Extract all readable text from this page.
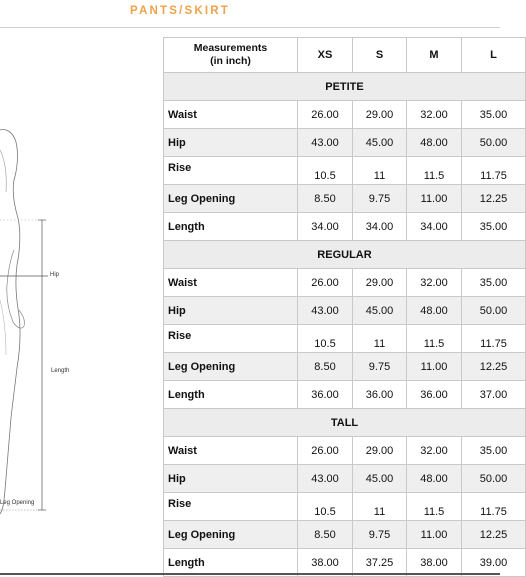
PANTS/SKIRT
Hip
Length
Leg Opening
Measurements
(in inch)	XS	S	M	L
PETITE				
Waist	26.00	29.00	32.00	35.00
Hip	43.00	45.00	48.00	50.00
Rise	10.5	11	11.5	11.75
Leg Opening	8.50	9.75	11.00	12.25
Length	34.00	34.00	34.00	35.00
REGULAR				
Waist	26.00	29.00	32.00	35.00
Hip	43.00	45.00	48.00	50.00
Rise	10.5	11	11.5	11.75
Leg Opening	8.50	9.75	11.00	12.25
Length	36.00	36.00	36.00	37.00
TALL				
Waist	26.00	29.00	32.00	35.00
Hip	43.00	45.00	48.00	50.00
Rise	10.5	11	11.5	11.75
Leg Opening	8.50	9.75	11.00	12.25
Length	38.00	37.25	38.00	39.00
